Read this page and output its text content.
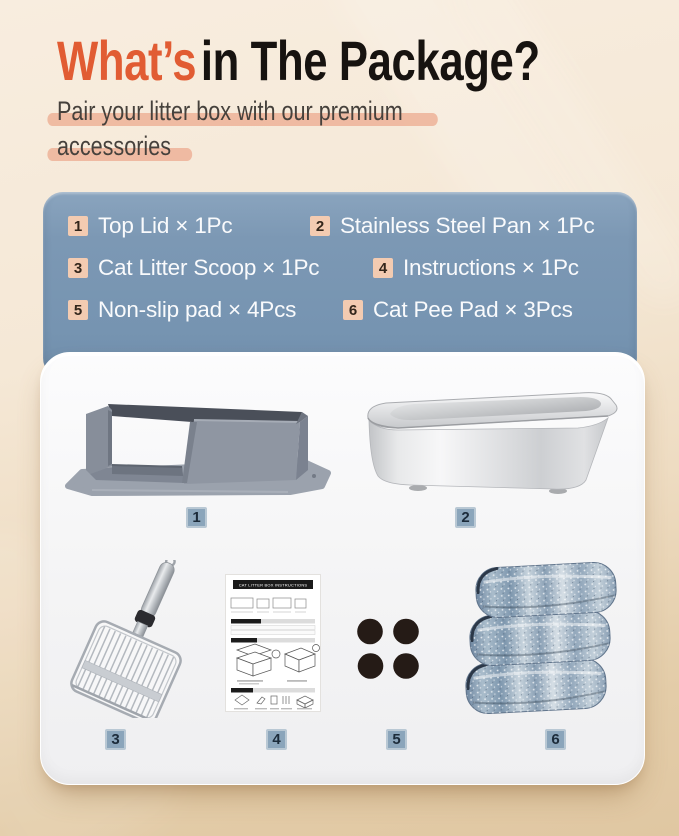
What’sin The Package?

Pair your litter box with our premium
accessories

1 Top Lid × 1Pc	2 Stainless Steel Pan × 1Pc
3 Cat Litter Scoop × 1Pc	4 Instructions × 1Pc
5 Non-slip pad × 4Pcs	6 Cat Pee Pad × 3Pcs
CAT LITTER BOX INSTRUCTIONS
1	2
3	4	5	6
